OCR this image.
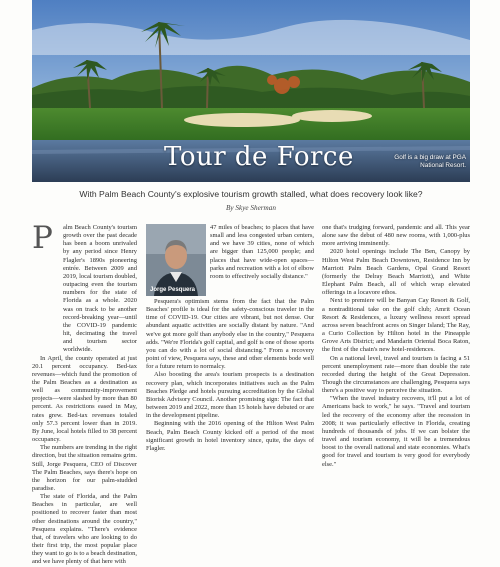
Tour de Force	Golf is a big draw at PGA National Resort.
With Palm Beach County's explosive tourism growth stalled, what does recovery look like?
By Skye Sherman

P alm Beach County's tourism growth over the past decade has been a boom unrivaled by any period since Henry Flagler's 1890s pioneering entrée. Between 2009 and 2019, local tourism doubled, outpacing even the tourism numbers for the state of Florida as a whole. 2020 was on track to be another record-breaking year—until the COVID-19 pandemic hit, decimating the travel and tourism sector worldwide.

In April, the county operated at just 20.1 percent occupancy. Bed-tax revenues—which fund the promotion of the Palm Beaches as a destination as well as community-improvement projects—were slashed by more than 80 percent. As restrictions eased in May, rates grew. Bed-tax revenues totaled only 57.3 percent lower than in 2019. By June, local hotels filled to 38 percent occupancy.

The numbers are trending in the right direction, but the situation remains grim. Still, Jorge Pesquera, CEO of Discover The Palm Beaches, says there's hope on the horizon for our palm-studded paradise.

The state of Florida, and the Palm Beaches in particular, are well positioned to recover faster than most other destinations around the country," Pesquera explains. "There's evidence that, of travelers who are looking to do their first trip, the most popular place they want to go is to a beach destination, and we have plenty of that here with

Jorge Pesquera

47 miles of beaches; to places that have small and less congested urban centers, and we have 39 cities, none of which are bigger than 125,000 people; and places that have wide-open spaces—parks and recreation with a lot of elbow room to effectively socially distance."

Pesquera's optimism stems from the fact that the Palm Beaches' profile is ideal for the safety-conscious traveler in the time of COVID-19. Our cities are vibrant, but not dense. Our abundant aquatic activities are socially distant by nature. "And we've got more golf than anybody else in the country," Pesquera adds. "We're Florida's golf capital, and golf is one of those sports you can do with a lot of social distancing." From a recovery point of view, Pesquera says, these and other elements bode well for a future return to normalcy.

Also boosting the area's tourism prospects is a destination recovery plan, which incorporates initiatives such as the Palm Beaches Pledge and hotels pursuing accreditation by the Global Biorisk Advisory Council. Another promising sign: The fact that between 2019 and 2022, more than 15 hotels have debuted or are in the development pipeline.

Beginning with the 2016 opening of the Hilton West Palm Beach, Palm Beach County kicked off a period of the most significant growth in hotel inventory since, quite, the days of Flagler.

one that's trudging forward, pandemic and all. This year alone saw the debut of 480 new rooms, with 1,000-plus more arriving imminently.

2020 hotel openings include The Ben, Canopy by Hilton West Palm Beach Downtown, Residence Inn by Marriott Palm Beach Gardens, Opal Grand Resort (formerly the Delray Beach Marriott), and White Elephant Palm Beach, all of which wrap elevated offerings in a locavore ethos.

Next to premiere will be Banyan Cay Resort & Golf, a nontraditional take on the golf club; Amrit Ocean Resort & Residences, a luxury wellness resort spread across seven beachfront acres on Singer Island; The Ray, a Curio Collection by Hilton hotel in the Pineapple Grove Arts District; and Mandarin Oriental Boca Raton, the first of the chain's new hotel-residences.

On a national level, travel and tourism is facing a 51 percent unemployment rate—more than double the rate recorded during the height of the Great Depression. Though the circumstances are challenging, Pesquera says there's a positive way to perceive the situation.

"When the travel industry recovers, it'll put a lot of Americans back to work," he says. "Travel and tourism led the recovery of the economy after the recession in 2008; it was particularly effective in Florida, creating hundreds of thousands of jobs. If we can bolster the travel and tourism economy, it will be a tremendous boost to the overall national and state economies. What's good for travel and tourism is very good for everybody else."
